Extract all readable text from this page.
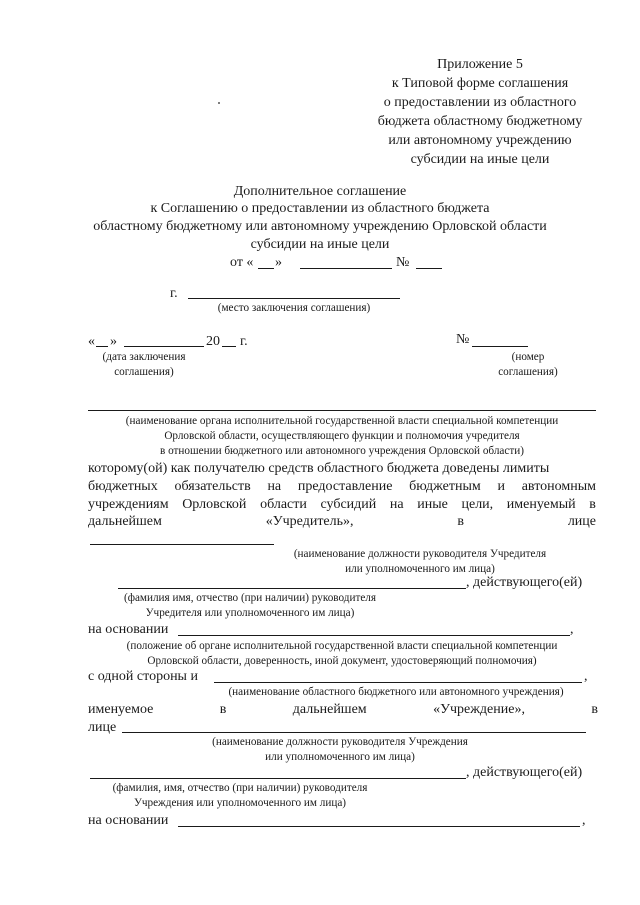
Приложение 5
к Типовой форме соглашения
о предоставлении из областного
бюджета областному бюджетному
или автономному учреждению
субсидии на иные цели
Дополнительное соглашение
к Соглашению о предоставлении из областного бюджета
областному бюджетному или автономному учреждению Орловской области
субсидии на иные цели
от « »	№
г.
(место заключения соглашения)
« »	20 г.	№
(дата заключения
соглашения)
(номер
соглашения)
(наименование органа исполнительной государственной власти специальной компетенции
Орловской области, осуществляющего функции и полномочия учредителя
в отношении бюджетного или автономного учреждения Орловской области)
которому(ой) как получателю средств областного бюджета доведены лимиты
бюджетных обязательств на предоставление бюджетным и автономным
учреждениям Орловской области субсидий на иные цели, именуемый в
дальнейшем	«Учредитель»,	в	лице
(наименование должности руководителя Учредителя
или уполномоченного им лица)
, действующего(ей)
(фамилия имя, отчество (при наличии) руководителя
Учредителя или уполномоченного им лица)
на основании	,
(положение об органе исполнительной государственной власти специальной компетенции
Орловской области, доверенность, иной документ, удостоверяющий полномочия)
с одной стороны и	,
(наименование областного бюджетного или автономного учреждения)
именуемое	в	дальнейшем	«Учреждение»,	в
лице
(наименование должности руководителя Учреждения
или уполномоченного им лица)
, действующего(ей)
(фамилия, имя, отчество (при наличии) руководителя
Учреждения или уполномоченного им лица)
на основании	,
